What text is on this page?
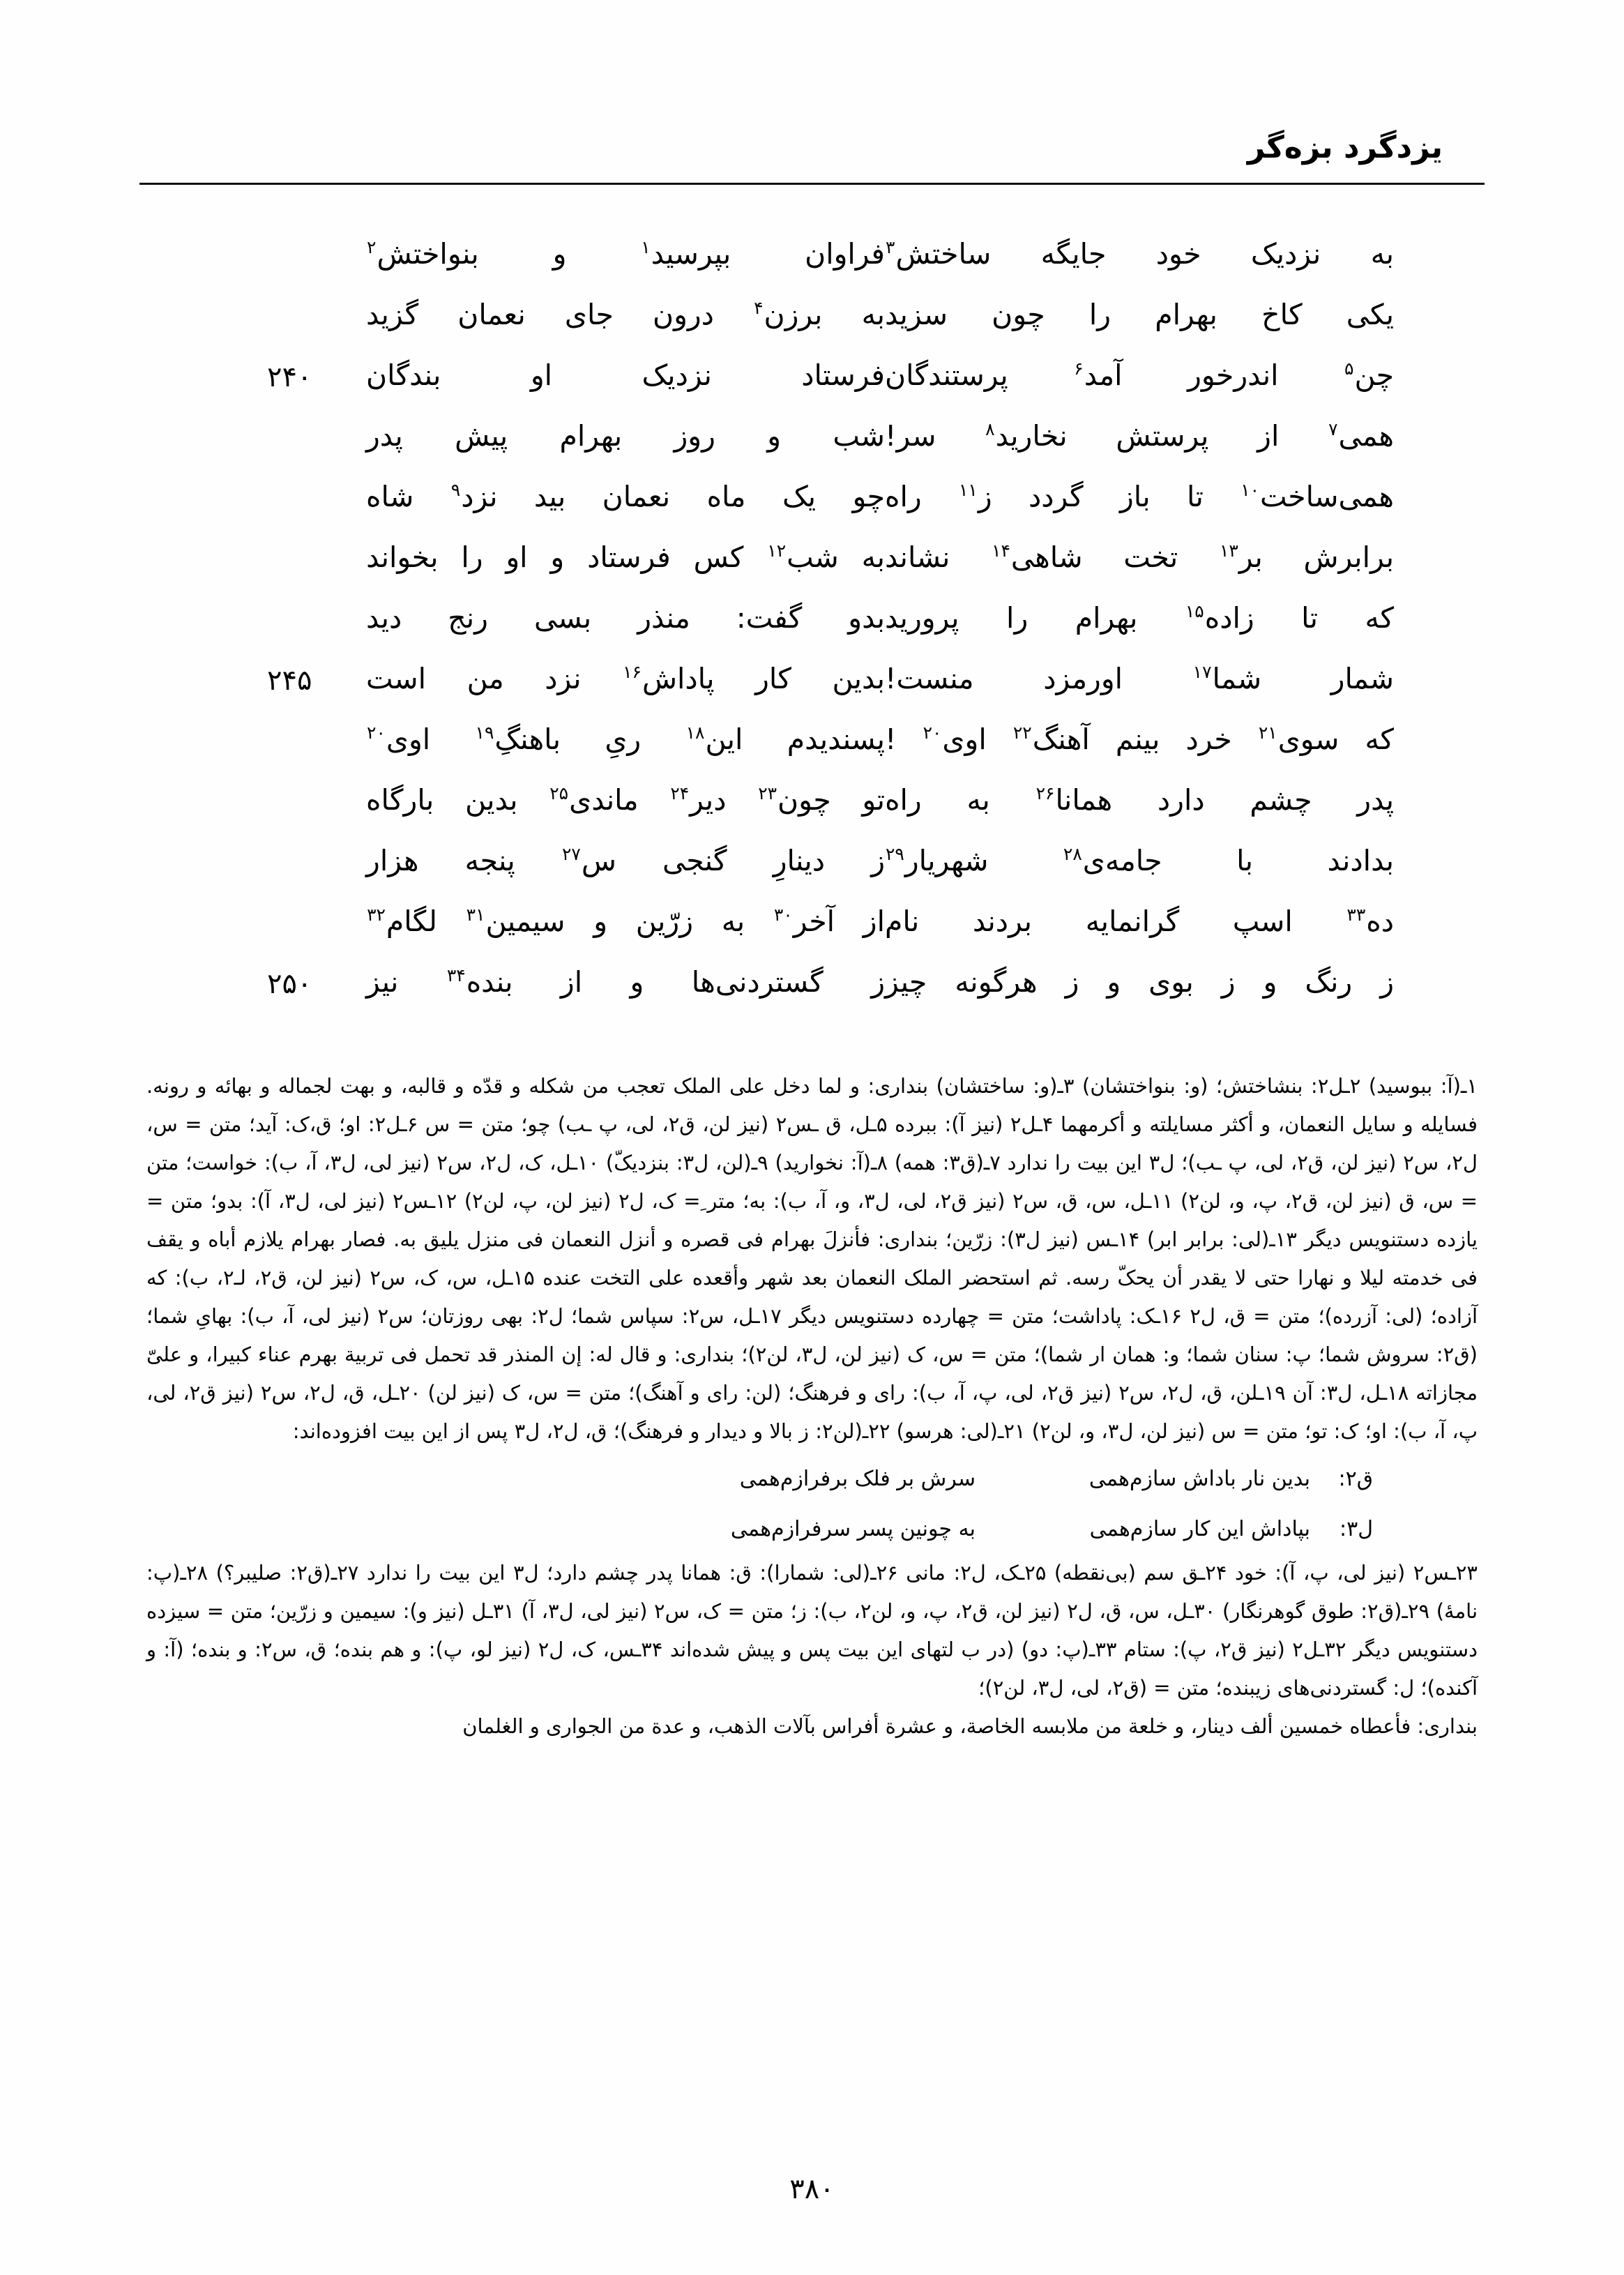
یزدگرد بزه‌گر
به
نزدیک
خود
جایگه
ساختش$^۳$
فراوان
بپرسید$^۱$
و
بنواختش$^۲$
یکی
کاخ
بهرام
را
چون
سزید
به
برزن$^۴$
درون
جای
نعمان
گزید
چن$^۵$
اندرخور
آمد$^۶$
پرستندگان
فرستاد
نزدیک
او
بندگان
۲۴۰
همی$^۷$
از
پرستش
نخارید$^۸$
سر!
شب
و
روز
بهرام
پیش
پدر
همی‌ساخت$^{۱۰}$
تا
باز
گردد
ز$^{۱۱}$
راه
چو
یک
ماه
نعمان
بید
نزد$^۹$
شاه
برابرش
بر$^{۱۳}$
تخت
شاهی$^{۱۴}$
نشاند
به
شب$^{۱۲}$
کس
فرستاد
و
او
را
بخواند
که
تا
زاده$^{۱۵}$
بهرام
را
پرورید
بدو
گفت:
منذر
بسی
رنج
دید
شمار
شما$^{۱۷}$
اورمزد
منست!
بدین
کار
پاداش$^{۱۶}$
نزد
من
است
۲۴۵
که
سوی$^{۲۱}$
خرد
بینم
آهنگ$^{۲۲}$
اوی$^{۲۰}$
!
پسندیدم
این$^{۱۸}$
رىِ
باهنگِ$^{۱۹}$
اوی$^{۲۰}$
پدر
چشم
دارد
همانا$^{۲۶}$
به
راه
تو
چون$^{۲۳}$
دیر$^{۲۴}$
ماندی$^{۲۵}$
بدین
بارگاه
بدادند
با
جامه‌ی$^{۲۸}$
شهریار$^{۲۹}$
ز
دینارِ
گنجی
س$^{۲۷}$
پنجه
هزار
ده$^{۳۳}$
اسپ
گرانمایه
بردند
نام
از
آخر$^{۳۰}$
به
زرّین
و
سیمین$^{۳۱}$
لگام$^{۳۲}$
ز
رنگ
و
ز
بوی
و
ز
هرگونه
چیز
ز
گستردنی‌ها
و
از
بنده$^{۳۴}$
نیز
۲۵۰

۱ـ(آ: ببوسید) ۲ـل۲: بنشاختش؛ (و: بنواختشان) ۳ـ(و: ساختشان) بنداری: و لما دخل علی الملک تعجب من شکله و قدّه و قالبه، و بهت لجماله و بهائه و رونه. فسایله و سایل النعمان، و أکثر مسایلته و أکرمهما ۴ـل۲ (نیز آ): ببرده ۵ـل، ق ـس۲ (نیز لن، ق۲، لی، پ ـب) چو؛ متن = س ۶ـل۲: او؛ ق،ک: آید؛ متن = س، ل۲، س۲ (نیز لن، ق۲، لی، پ ـب)؛ ل۳ این بیت را ندارد ۷ـ(ق۳: همه) ۸ـ(آ: نخوارید) ۹ـ(لن، ل۳: بنزدیکّ) ۱۰ـل، ک، ل۲، س۲ (نیز لی، ل۳، آ، ب): خواست؛ متن = س، ق (نیز لن، ق۲، پ، و، لن۲) ۱۱ـل، س، ق، س۲ (نیز ق۲، لی، ل۳، و، آ، ب): به؛ متر ِ= ک، ل۲ (نیز لن، پ، لن۲) ۱۲ـس۲ (نیز لی، ل۳، آ): بدو؛ متن = یازده دستنویس دیگر ۱۳ـ(لی: برابر ابر) ۱۴ـس (نیز ل۳): زرّین؛ بنداری: فأنزلَ بهرام فی قصره و أنزل النعمان فی منزل یلیق به. فصار بهرام یلازم أباه و یقف فی خدمته لیلا و نهارا حتی لا یقدر أن یحکّ رسه. ثم استحضر الملک النعمان بعد شهر وأقعده علی التخت عنده ۱۵ـل، س، ک، س۲ (نیز لن، ق۲، لـ۲، ب): که آزاده؛ (لی: آزرده)؛ متن = ق، ل۲ ۱۶ـک: پاداشت؛ متن = چهارده دستنویس دیگر ۱۷ـل، س۲: سپاس شما؛ ل۲: بهی روزتان؛ س۲ (نیز لی، آ، ب): بهاىِ شما؛ (ق۲: سروش شما؛ پ: سنان شما؛ و: همان ار شما)؛ متن = س، ک (نیز لن، ل۳، لن۲)؛ بنداری: و قال له: إن المنذر قد تحمل فی تربیة بهرم عناء کبیرا، و علیّ مجازاته ۱۸ـل، ل۳: آن ۱۹ـلن، ق، ل۲، س۲ (نیز ق۲، لی، پ، آ، ب): رای و فرهنگ؛ (لن: رای و آهنگ)؛ متن = س، ک (نیز لن) ۲۰ـل، ق، ل۲، س۲ (نیز ق۲، لی، پ، آ، ب): او؛ ک: تو؛ متن = س (نیز لن، ل۳، و، لن۲) ۲۱ـ(لی: هرسو) ۲۲ـ(لن۲: ز بالا و دیدار و فرهنگ)؛ ق، ل۲، ل۳ پس از این بیت افزوده‌اند:

ق۲:
بدین نار باداش سازم‌همی
سرش بر فلک برفرازم‌همی
ل۳:
بپاداش این کار سازم‌همی
به چونین پسر سرفرازم‌همی

۲۳ـس۲ (نیز لی، پ، آ): خود ۲۴ـق سم (بی‌نقطه) ۲۵ـک، ل۲: مانی ۲۶ـ(لی: شمارا): ق: همانا پدر چشم دارد؛ ل۳ این بیت را ندارد ۲۷ـ(ق۲: صلیبر؟) ۲۸ـ(پ: نامهٔ) ۲۹ـ(ق۲: طوق گوهرنگار) ۳۰ـل، س، ق، ل۲ (نیز لن، ق۲، پ، و، لن۲، ب): ز؛ متن = ک، س۲ (نیز لی، ل۳، آ) ۳۱ـل (نیز و): سیمین و زرّین؛ متن = سیزده دستنویس دیگر ۳۲ـل۲ (نیز ق۲، پ): ستام ۳۳ـ(پ: دو) (در ب لتهای این بیت پس و پیش شده‌اند ۳۴ـس، ک، ل۲ (نیز لو، پ): و هم بنده؛ ق، س۲: و بنده؛ (آ: و آکنده)؛ ل: گستردنی‌های زیبنده؛ متن = (ق۲، لی، ل۳، لن۲)؛

بنداری: فأعطاه خمسین ألف دینار، و خلعة من ملابسه الخاصة، و عشرة أفراس بآلات الذهب، و عدة من الجواری و الغلمان

۳۸۰
